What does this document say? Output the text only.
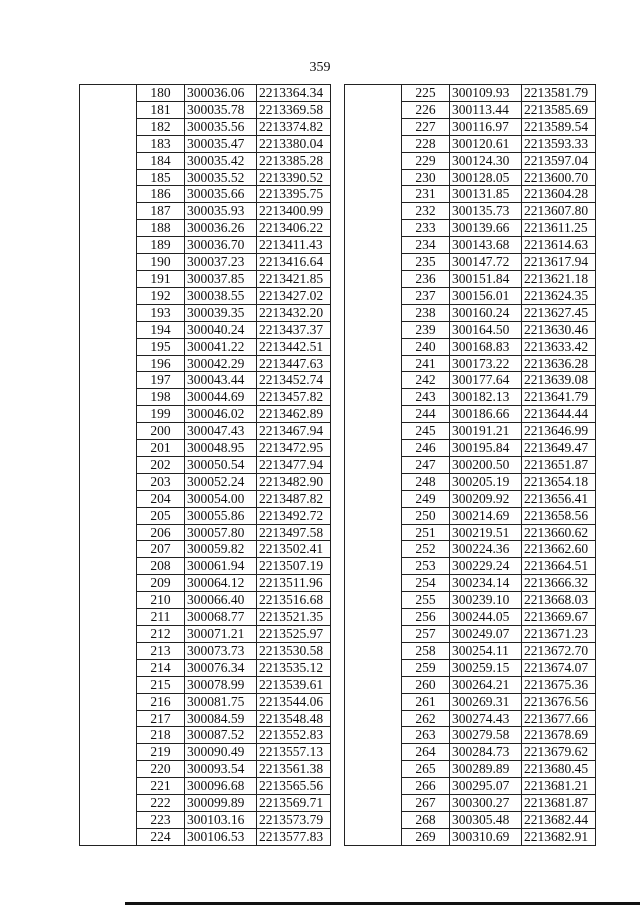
359
	180	300036.06	2213364.34
	181	300035.78	2213369.58
	182	300035.56	2213374.82
	183	300035.47	2213380.04
	184	300035.42	2213385.28
	185	300035.52	2213390.52
	186	300035.66	2213395.75
	187	300035.93	2213400.99
	188	300036.26	2213406.22
	189	300036.70	2213411.43
	190	300037.23	2213416.64
	191	300037.85	2213421.85
	192	300038.55	2213427.02
	193	300039.35	2213432.20
	194	300040.24	2213437.37
	195	300041.22	2213442.51
	196	300042.29	2213447.63
	197	300043.44	2213452.74
	198	300044.69	2213457.82
	199	300046.02	2213462.89
	200	300047.43	2213467.94
	201	300048.95	2213472.95
	202	300050.54	2213477.94
	203	300052.24	2213482.90
	204	300054.00	2213487.82
	205	300055.86	2213492.72
	206	300057.80	2213497.58
	207	300059.82	2213502.41
	208	300061.94	2213507.19
	209	300064.12	2213511.96
	210	300066.40	2213516.68
	211	300068.77	2213521.35
	212	300071.21	2213525.97
	213	300073.73	2213530.58
	214	300076.34	2213535.12
	215	300078.99	2213539.61
	216	300081.75	2213544.06
	217	300084.59	2213548.48
	218	300087.52	2213552.83
	219	300090.49	2213557.13
	220	300093.54	2213561.38
	221	300096.68	2213565.56
	222	300099.89	2213569.71
	223	300103.16	2213573.79
	224	300106.53	2213577.83
	225	300109.93	2213581.79
	226	300113.44	2213585.69
	227	300116.97	2213589.54
	228	300120.61	2213593.33
	229	300124.30	2213597.04
	230	300128.05	2213600.70
	231	300131.85	2213604.28
	232	300135.73	2213607.80
	233	300139.66	2213611.25
	234	300143.68	2213614.63
	235	300147.72	2213617.94
	236	300151.84	2213621.18
	237	300156.01	2213624.35
	238	300160.24	2213627.45
	239	300164.50	2213630.46
	240	300168.83	2213633.42
	241	300173.22	2213636.28
	242	300177.64	2213639.08
	243	300182.13	2213641.79
	244	300186.66	2213644.44
	245	300191.21	2213646.99
	246	300195.84	2213649.47
	247	300200.50	2213651.87
	248	300205.19	2213654.18
	249	300209.92	2213656.41
	250	300214.69	2213658.56
	251	300219.51	2213660.62
	252	300224.36	2213662.60
	253	300229.24	2213664.51
	254	300234.14	2213666.32
	255	300239.10	2213668.03
	256	300244.05	2213669.67
	257	300249.07	2213671.23
	258	300254.11	2213672.70
	259	300259.15	2213674.07
	260	300264.21	2213675.36
	261	300269.31	2213676.56
	262	300274.43	2213677.66
	263	300279.58	2213678.69
	264	300284.73	2213679.62
	265	300289.89	2213680.45
	266	300295.07	2213681.21
	267	300300.27	2213681.87
	268	300305.48	2213682.44
	269	300310.69	2213682.91
